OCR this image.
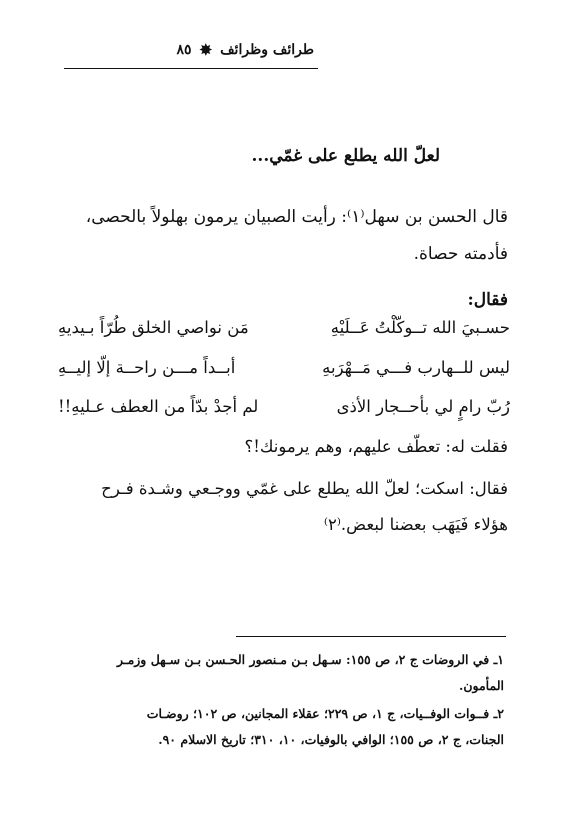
طرائف وظرائف
✸
٨٥
لعلّ الله يطلع على غمّي...
قال الحسن بن سهل⁽١⁾: رأيت الصبيان يرمون بهلولاً بالحصى،
فأدمته حصاة.
فقال:
حسـبيَ الله تــوكّلْتُ عَــلَيْهِ
مَن نواصي الخلق طُرّاً بـيديهِ
ليس للــهارب فـــي مَــهْرَبهِ
أبــداً مـــن راحــة إلّا إليــهِ
رُبّ رامٍ لي بأحــجار الأذى
لم أجدْ بدّاً من العطف عـليهِ!!
فقلت له: تعطّف عليهم، وهم يرمونك!؟
فقال: اسكت؛ لعلّ الله يطلع على غمّي ووجـعي وشـدة فـرح
هؤلاء فَيَهَب بعضنا لبعض.⁽٢⁾
١ـ في الروضات ج ٢، ص ١٥٥: سـهل بـن مـنصور الحـسن بـن سـهل وزمـر
المأمون.
٢ـ فــوات الوفــيات، ج ١، ص ٢٢٩؛ عقلاء المجانين، ص ١٠٢؛ روضـات
الجنات، ج ٢، ص ١٥٥؛ الوافي بالوفيات، ١٠، ٣١٠؛ تاريخ الاسلام ٩٠.
